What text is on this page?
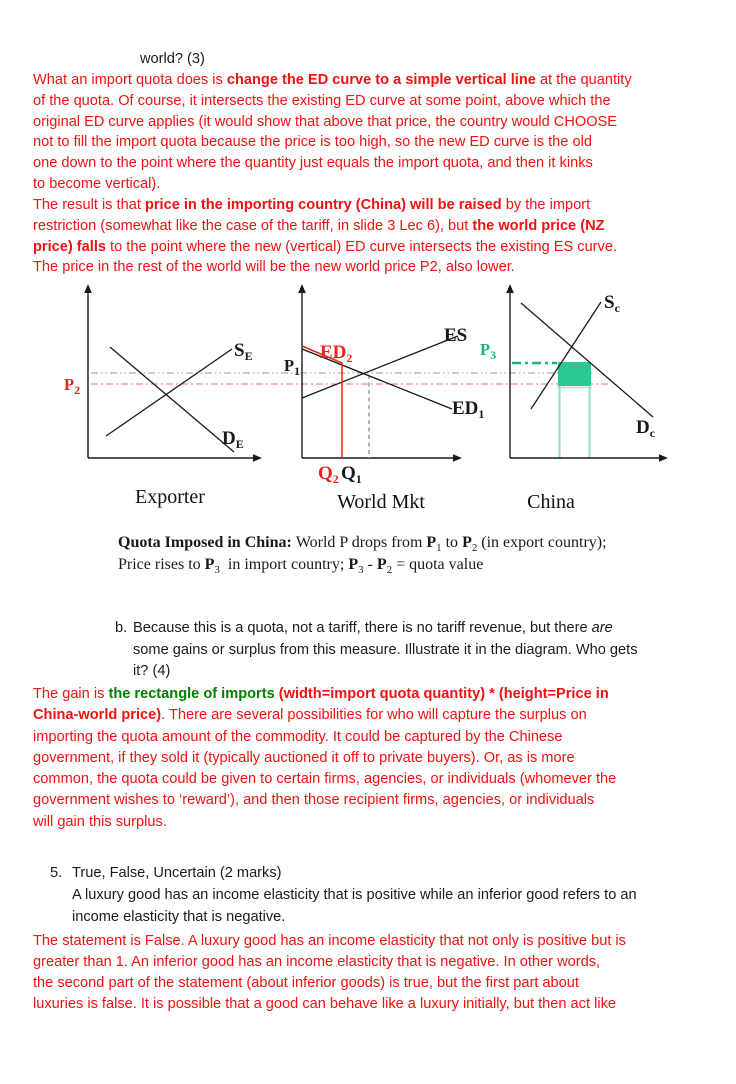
world? (3)
What an import quota does is change the ED curve to a simple vertical line at the quantity
of the quota. Of course, it intersects the existing ED curve at some point, above which the
original ED curve applies (it would show that above that price, the country would CHOOSE
not to fill the import quota because the price is too high, so the new ED curve is the old
one down to the point where the quantity just equals the import quota, and then it kinks
to become vertical).
The result is that price in the importing country (China) will be raised by the import
restriction (somewhat like the case of the tariff, in slide 3 Lec 6), but the world price (NZ
price) falls to the point where the new (vertical) ED curve intersects the existing ES curve.
The price in the rest of the world will be the new world price P2, also lower.
$S_E$
$D_E$
$P_2$
Exporter
ES
$ED_1$
$ED_2$
$P_1$
$Q_2$ $Q_1$
World Mkt
$S_c$
$D_c$
$P_3$
China
Quota Imposed in China: World P drops from $P_1$ to $P_2$ (in export country);
Price rises to $P_3$  in import country; $P_3 - P_2$ = quota value
b. Because this is a quota, not a tariff, there is no tariff revenue, but there are
some gains or surplus from this measure. Illustrate it in the diagram. Who gets
it? (4)
The gain is the rectangle of imports (width=import quota quantity) * (height=Price in
China-world price). There are several possibilities for who will capture the surplus on
importing the quota amount of the commodity. It could be captured by the Chinese
government, if they sold it (typically auctioned it off to private buyers). Or, as is more
common, the quota could be given to certain firms, agencies, or individuals (whomever the
government wishes to ‘reward’), and then those recipient firms, agencies, or individuals
will gain this surplus.
5. True, False, Uncertain (2 marks)
A luxury good has an income elasticity that is positive while an inferior good refers to an
income elasticity that is negative.
The statement is False. A luxury good has an income elasticity that not only is positive but is
greater than 1. An inferior good has an income elasticity that is negative. In other words,
the second part of the statement (about inferior goods) is true, but the first part about
luxuries is false. It is possible that a good can behave like a luxury initially, but then act like
